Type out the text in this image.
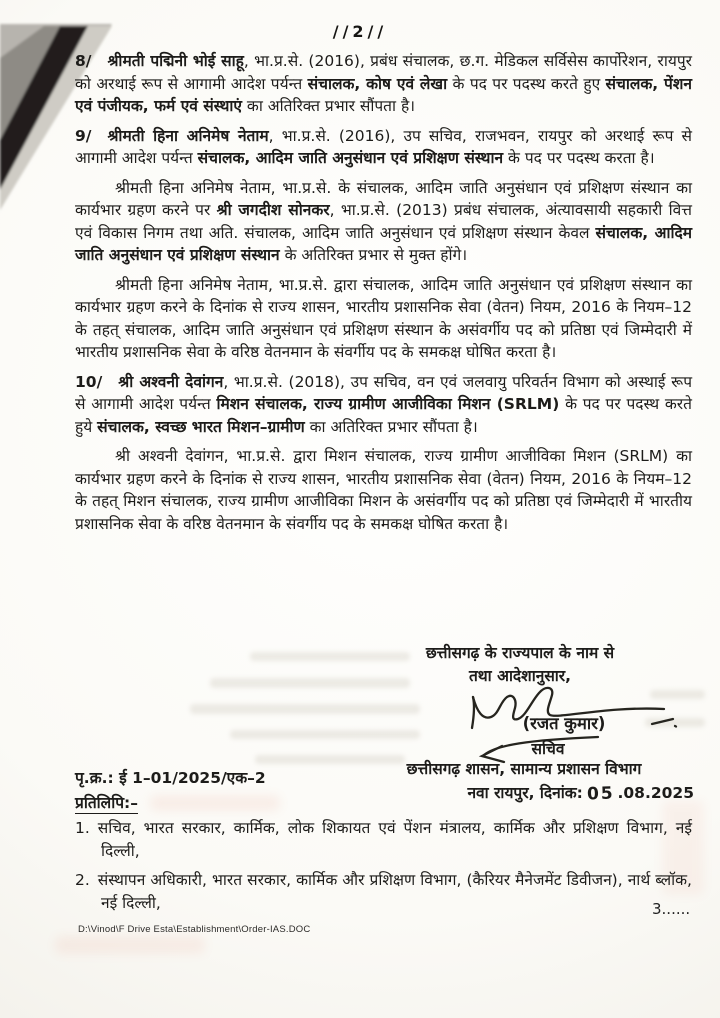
//2//
8/ श्रीमती पद्मिनी भोई साहू, भा.प्र.से. (2016), प्रबंध संचालक, छ.ग. मेडिकल सर्विसेस कार्पोरेशन, रायपुर को अरथाई रूप से आगामी आदेश पर्यन्त संचालक, कोष एवं लेखा के पद पर पदस्थ करते हुए संचालक, पेंशन एवं पंजीयक, फर्म एवं संस्थाएं का अतिरिक्त प्रभार सौंपता है।
9/ श्रीमती हिना अनिमेष नेताम, भा.प्र.से. (2016), उप सचिव, राजभवन, रायपुर को अरथाई रूप से आगामी आदेश पर्यन्त संचालक, आदिम जाति अनुसंधान एवं प्रशिक्षण संस्थान के पद पर पदस्थ करता है।
श्रीमती हिना अनिमेष नेताम, भा.प्र.से. के संचालक, आदिम जाति अनुसंधान एवं प्रशिक्षण संस्थान का कार्यभार ग्रहण करने पर श्री जगदीश सोनकर, भा.प्र.से. (2013) प्रबंध संचालक, अंत्यावसायी सहकारी वित्त एवं विकास निगम तथा अति. संचालक, आदिम जाति अनुसंधान एवं प्रशिक्षण संस्थान केवल संचालक, आदिम जाति अनुसंधान एवं प्रशिक्षण संस्थान के अतिरिक्त प्रभार से मुक्त होंगे।
श्रीमती हिना अनिमेष नेताम, भा.प्र.से. द्वारा संचालक, आदिम जाति अनुसंधान एवं प्रशिक्षण संस्थान का कार्यभार ग्रहण करने के दिनांक से राज्य शासन, भारतीय प्रशासनिक सेवा (वेतन) नियम, 2016 के नियम–12 के तहत् संचालक, आदिम जाति अनुसंधान एवं प्रशिक्षण संस्थान के असंवर्गीय पद को प्रतिष्ठा एवं जिम्मेदारी में भारतीय प्रशासनिक सेवा के वरिष्ठ वेतनमान के संवर्गीय पद के समकक्ष घोषित करता है।
10/ श्री अश्वनी देवांगन, भा.प्र.से. (2018), उप सचिव, वन एवं जलवायु परिवर्तन विभाग को अस्थाई रूप से आगामी आदेश पर्यन्त मिशन संचालक, राज्य ग्रामीण आजीविका मिशन (SRLM) के पद पर पदस्थ करते हुये संचालक, स्वच्छ भारत मिशन–ग्रामीण का अतिरिक्त प्रभार सौंपता है।
श्री अश्वनी देवांगन, भा.प्र.से. द्वारा मिशन संचालक, राज्य ग्रामीण आजीविका मिशन (SRLM) का कार्यभार ग्रहण करने के दिनांक से राज्य शासन, भारतीय प्रशासनिक सेवा (वेतन) नियम, 2016 के नियम–12 के तहत् मिशन संचालक, राज्य ग्रामीण आजीविका मिशन के असंवर्गीय पद को प्रतिष्ठा एवं जिम्मेदारी में भारतीय प्रशासनिक सेवा के वरिष्ठ वेतनमान के संवर्गीय पद के समकक्ष घोषित करता है।
छत्तीसगढ़ के राज्यपाल के नाम से
तथा आदेशानुसार,
(रजत कुमार)
सचिव
छत्तीसगढ़ शासन, सामान्य प्रशासन विभाग
नवा रायपुर, दिनांक: 05 .08.2025
पृ.क्र.: ई 1–01/2025/एक–2
प्रतिलिपि:–
1. सचिव, भारत सरकार, कार्मिक, लोक शिकायत एवं पेंशन मंत्रालय, कार्मिक और प्रशिक्षण विभाग, नई दिल्ली,
2. संस्थापन अधिकारी, भारत सरकार, कार्मिक और प्रशिक्षण विभाग, (कैरियर मैनेजमेंट डिवीजन), नार्थ ब्लॉक, नई दिल्ली,	3......
D:\Vinod\F Drive Esta\Establishment\Order-IAS.DOC
